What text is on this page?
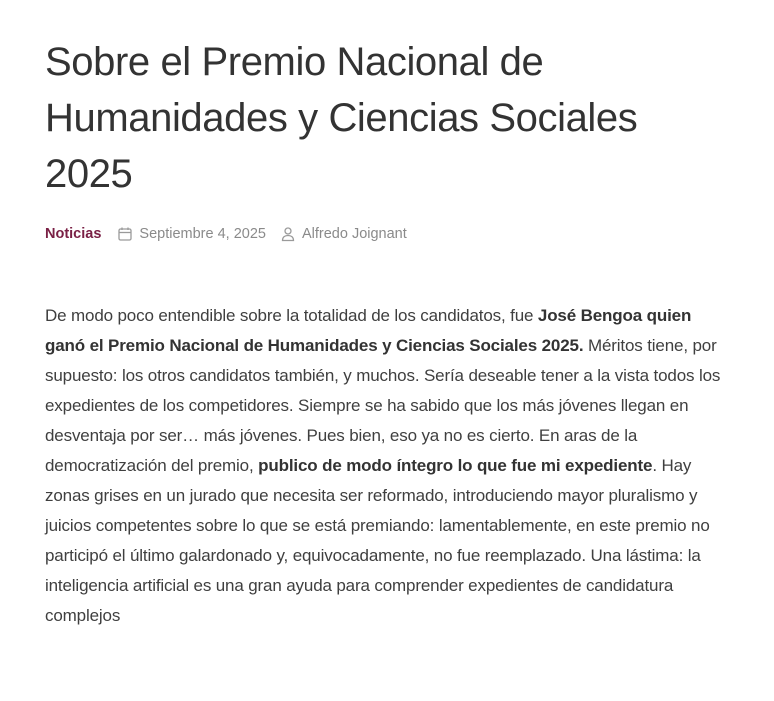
Sobre el Premio Nacional de Humanidades y Ciencias Sociales 2025
Noticias	Septiembre 4, 2025 Alfredo Joignant

De modo poco entendible sobre la totalidad de los candidatos, fue José Bengoa quien ganó el Premio Nacional de Humanidades y Ciencias Sociales 2025. Méritos tiene, por supuesto: los otros candidatos también, y muchos. Sería deseable tener a la vista todos los expedientes de los competidores. Siempre se ha sabido que los más jóvenes llegan en desventaja por ser… más jóvenes. Pues bien, eso ya no es cierto. En aras de la democratización del premio, publico de modo íntegro lo que fue mi expediente. Hay zonas grises en un jurado que necesita ser reformado, introduciendo mayor pluralismo y juicios competentes sobre lo que se está premiando: lamentablemente, en este premio no participó el último galardonado y, equivocadamente, no fue reemplazado. Una lástima: la inteligencia artificial es una gran ayuda para comprender expedientes de candidatura complejos
